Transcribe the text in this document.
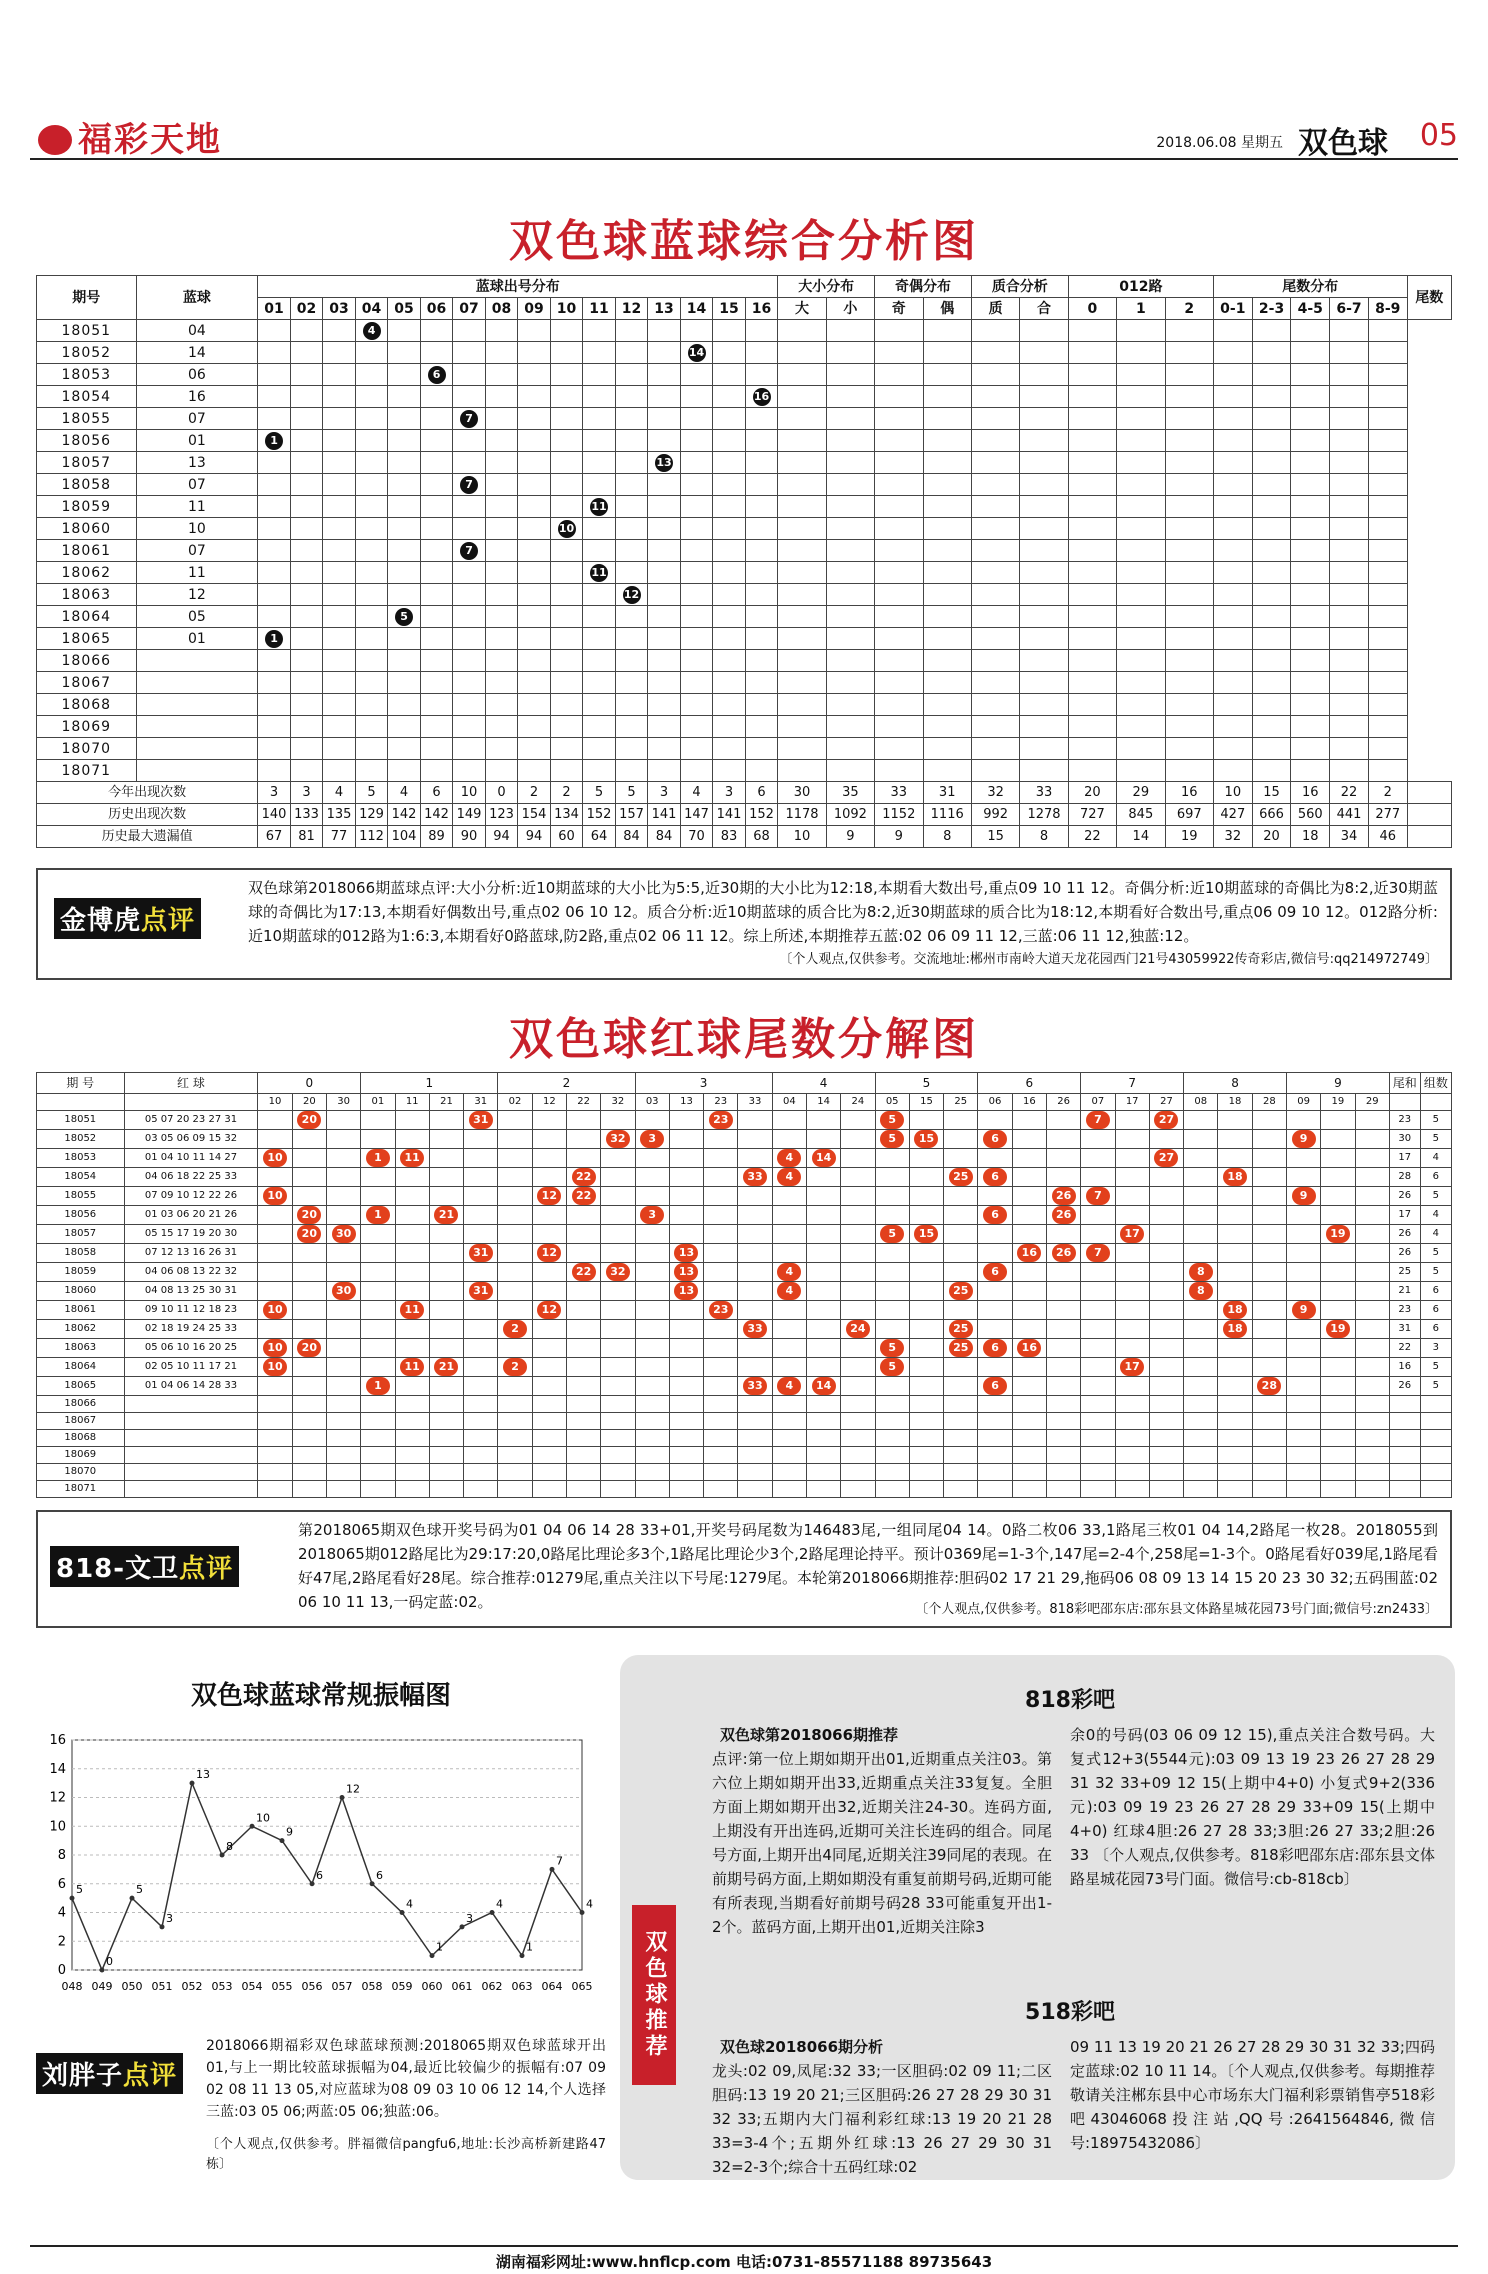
福彩天地	2018.06.08 星期五 双色球 05
双色球蓝球综合分析图
期号	蓝球	蓝球出号分布																大小分布		奇偶分布		质合分析		012路			尾数分布					尾数
		01	02	03	04	05	06	07	08	09	10	11	12	13	14	15	16	大	小	奇	偶	质	合	0	1	2	0-1	2-3	4-5	6-7	8-9	
18051	04				4																											
18052	14														14																	
18053	06						6																									
18054	16																16															
18055	07							7																								
18056	01	1																														
18057	13													13																		
18058	07							7																								
18059	11											11																				
18060	10										10																					
18061	07							7																								
18062	11											11																				
18063	12												12																			
18064	05					5																										
18065	01	1																														
18066																																
18067																																
18068																																
18069																																
18070																																
18071																																
今年出现次数		3	3	4	5	4	6	10	0	2	2	5	5	3	4	3	6	30	35	33	31	32	33	20	29	16	10	15	16	22	2	
历史出现次数		140	133	135	129	142	142	149	123	154	134	152	157	141	147	141	152	1178	1092	1152	1116	992	1278	727	845	697	427	666	560	441	277	
历史最大遗漏值		67	81	77	112	104	89	90	94	94	60	64	84	84	70	83	68	10	9	9	8	15	8	22	14	19	32	20	18	34	46	
金博虎点评
双色球第2018066期蓝球点评:大小分析:近10期蓝球的大小比为5:5,近30期的大小比为12:18,本期看大数出号,重点09 10 11 12。奇偶分析:近10期蓝球的奇偶比为8:2,近30期蓝球的奇偶比为17:13,本期看好偶数出号,重点02 06 10 12。质合分析:近10期蓝球的质合比为8:2,近30期蓝球的质合比为18:12,本期看好合数出号,重点06 09 10 12。012路分析:近10期蓝球的012路为1:6:3,本期看好0路蓝球,防2路,重点02 06 11 12。综上所述,本期推荐五蓝:02 06 09 11 12,三蓝:06 11 12,独蓝:12。
〔个人观点,仅供参考。交流地址:郴州市南岭大道天龙花园西门21号43059922传奇彩店,微信号:qq214972749〕
双色球红球尾数分解图
期 号	红 球	0			1				2				3				4			5			6			7			8			9			尾和	组数
		10	20	30	01	11	21	31	02	12	22	32	03	13	23	33	04	14	24	05	15	25	06	16	26	07	17	27	08	18	28	09	19	29		
18051	05 07 20 23 27 31		20					31							23					5						7		27							23	5
18052	03 05 06 09 15 32											32	3							5	15		6									9			30	5
18053	01 04 10 11 14 27	10			1	11											4	14										27							17	4
18054	04 06 18 22 25 33										22					33	4					25	6							18					28	6
18055	07 09 10 12 22 26	10								12	22														26	7						9			26	5
18056	01 03 06 20 21 26		20		1		21						3										6		26										17	4
18057	05 15 17 19 20 30		20	30																5	15						17						19		26	4
18058	07 12 13 16 26 31							31		12				13										16	26	7									26	5
18059	04 06 08 13 22 32										22	32		13			4						6						8						25	5
18060	04 08 13 25 30 31			30				31						13			4					25							8						21	6
18061	09 10 11 12 18 23	10				11				12					23															18		9			23	6
18062	02 18 19 24 25 33								2							33			24			25								18			19		31	6
18063	05 06 10 16 20 25	10	20																	5		25	6	16											22	3
18064	02 05 10 11 17 21	10				11	21		2											5							17								16	5
18065	01 04 06 14 28 33				1											33	4	14					6								28				26	5
18066																																				
18067																																				
18068																																				
18069																																				
18070																																				
18071																																				
818-文卫点评
第2018065期双色球开奖号码为01 04 06 14 28 33+01,开奖号码尾数为146483尾,一组同尾04 14。0路二枚06 33,1路尾三枚01 04 14,2路尾一枚28。2018055到2018065期012路尾比为29:17:20,0路尾比理论多3个,1路尾比理论少3个,2路尾理论持平。预计0369尾=1-3个,147尾=2-4个,258尾=1-3个。0路尾看好039尾,1路尾看好47尾,2路尾看好28尾。综合推荐:01279尾,重点关注以下号尾:1279尾。本轮第2018066期推荐:胆码02 17 21 29,拖码06 08 09 13 14 15 20 23 30 32;五码围蓝:02 06 10 11 13,一码定蓝:02。	〔个人观点,仅供参考。818彩吧邵东店:邵东县文体路星城花园73号门面;微信号:zn2433〕
双色球蓝球常规振幅图
0
2
4
6
8
10
12
14
16
5
0
5
3
13
8
10
9
6
12
6
4
1
3
4
1
7
4
048 049 050 051 052 053 054 055 056 057 058 059 060 061 062 063 064 065
刘胖子点评
2018066期福彩双色球蓝球预测:2018065期双色球蓝球开出01,与上一期比较蓝球振幅为04,最近比较偏少的振幅有:07 09 02 08 11 13 05,对应蓝球为08 09 03 10 06 12 14,个人选择三蓝:03 05 06;两蓝:05 06;独蓝:06。
〔个人观点,仅供参考。胖福微信pangfu6,地址:长沙高桥新建路47栋〕
双色球推荐
818彩吧
双色球第2018066期推荐
点评:第一位上期如期开出01,近期重点关注03。第六位上期如期开出33,近期重点关注33复复。全胆方面上期如期开出32,近期关注24-30。连码方面,上期没有开出连码,近期可关注长连码的组合。同尾号方面,上期开出4同尾,近期关注39同尾的表现。在前期号码方面,上期如期没有重复前期号码,近期可能有所表现,当期看好前期号码28 33可能重复开出1-2个。蓝码方面,上期开出01,近期关注除3
余0的号码(03 06 09 12 15),重点关注合数号码。大复式12+3(5544元):03 09 13 19 23 26 27 28 29 31 32 33+09 12 15(上期中4+0) 小复式9+2(336元):03 09 19 23 26 27 28 29 33+09 15(上期中4+0) 红球4胆:26 27 28 33;3胆:26 27 33;2胆:26 33 〔个人观点,仅供参考。818彩吧邵东店:邵东县文体路星城花园73号门面。微信号:cb-818cb〕
518彩吧
双色球2018066期分析
龙头:02 09,凤尾:32 33;一区胆码:02 09 11;二区胆码:13 19 20 21;三区胆码:26 27 28 29 30 31 32 33;五期内大门福利彩红球:13 19 20 21 28 33=3-4个;五期外红球:13 26 27 29 30 31 32=2-3个;综合十五码红球:02
09 11 13 19 20 21 26 27 28 29 30 31 32 33;四码定蓝球:02 10 11 14。〔个人观点,仅供参考。每期推荐敬请关注郴东县中心市场东大门福利彩票销售亭518彩吧43046068投注站,QQ号:2641564846,微信号:18975432086〕
湖南福彩网址:www.hnflcp.com 电话:0731-85571188 89735643
